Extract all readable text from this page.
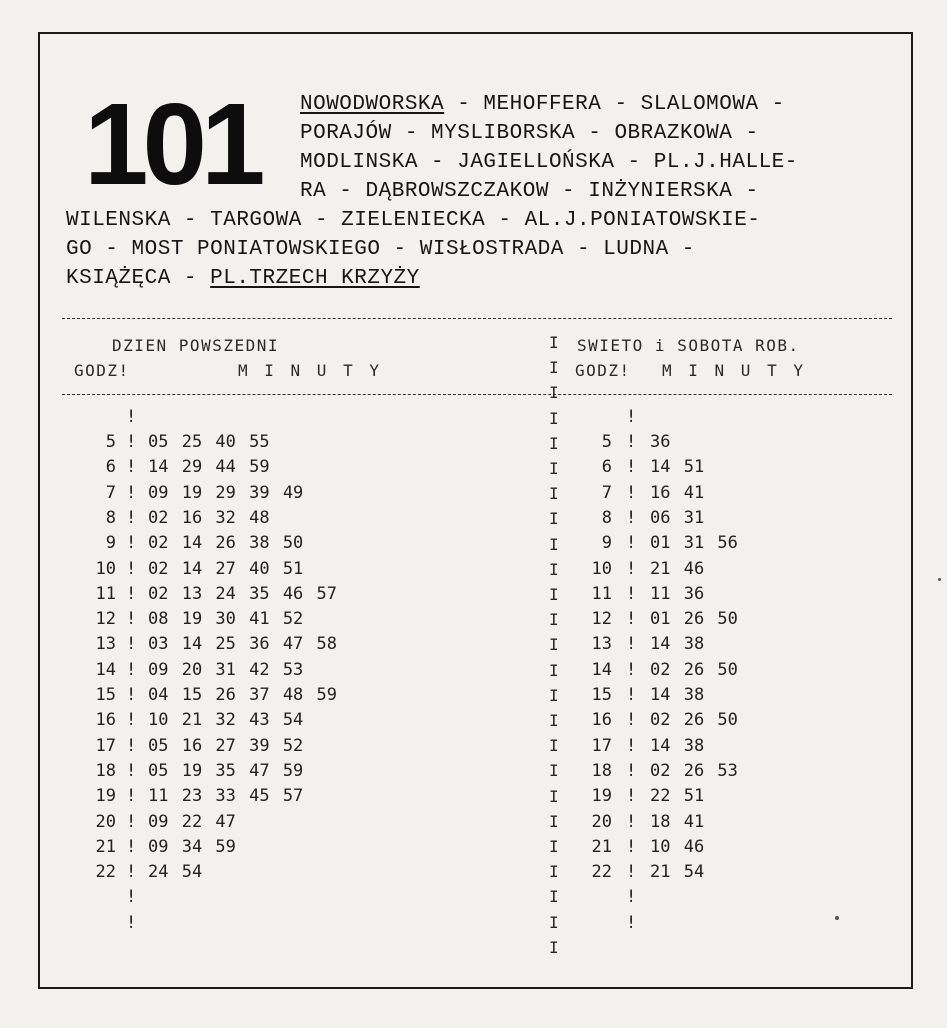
101 NOWODWORSKA - MEHOFFERA - SLALOMOWA -
PORAJÓW - MYSLIBORSKA - OBRAZKOWA -
MODLINSKA - JAGIELLOŃSKA - PL.J.HALLE-
RA - DĄBROWSZCZAKOW - INŻYNIERSKA -
WILENSKA - TARGOWA - ZIELENIECKA - AL.J.PONIATOWSKIE-
GO - MOST PONIATOWSKIEGO - WISŁOSTRADA - LUDNA -
KSIĄŻĘCA - PL.TRZECH KRZYŻY
DZIEN POWSZEDNI
GODZ!	M I N U T Y
SWIETO i SOBOTA ROB.
GODZ! M I N U T Y
I
I
I
I
I
I
I
I
I
I
I
I
I
I
I
I
I
I
I
I
I
I
I
I
I
!
5 ! 05 25 40 55
6 ! 14 29 44 59
7 ! 09 19 29 39 49
8 ! 02 16 32 48
9 ! 02 14 26 38 50
10 ! 02 14 27 40 51
11 ! 02 13 24 35 46 57
12 ! 08 19 30 41 52
13 ! 03 14 25 36 47 58
14 ! 09 20 31 42 53
15 ! 04 15 26 37 48 59
16 ! 10 21 32 43 54
17 ! 05 16 27 39 52
18 ! 05 19 35 47 59
19 ! 11 23 33 45 57
20 ! 09 22 47
21 ! 09 34 59
22 ! 24 54
!
!
!
5 ! 36
6 ! 14 51
7 ! 16 41
8 ! 06 31
9 ! 01 31 56
10 ! 21 46
11 ! 11 36
12 ! 01 26 50
13 ! 14 38
14 ! 02 26 50
15 ! 14 38
16 ! 02 26 50
17 ! 14 38
18 ! 02 26 53
19 ! 22 51
20 ! 18 41
21 ! 10 46
22 ! 21 54
!
!
